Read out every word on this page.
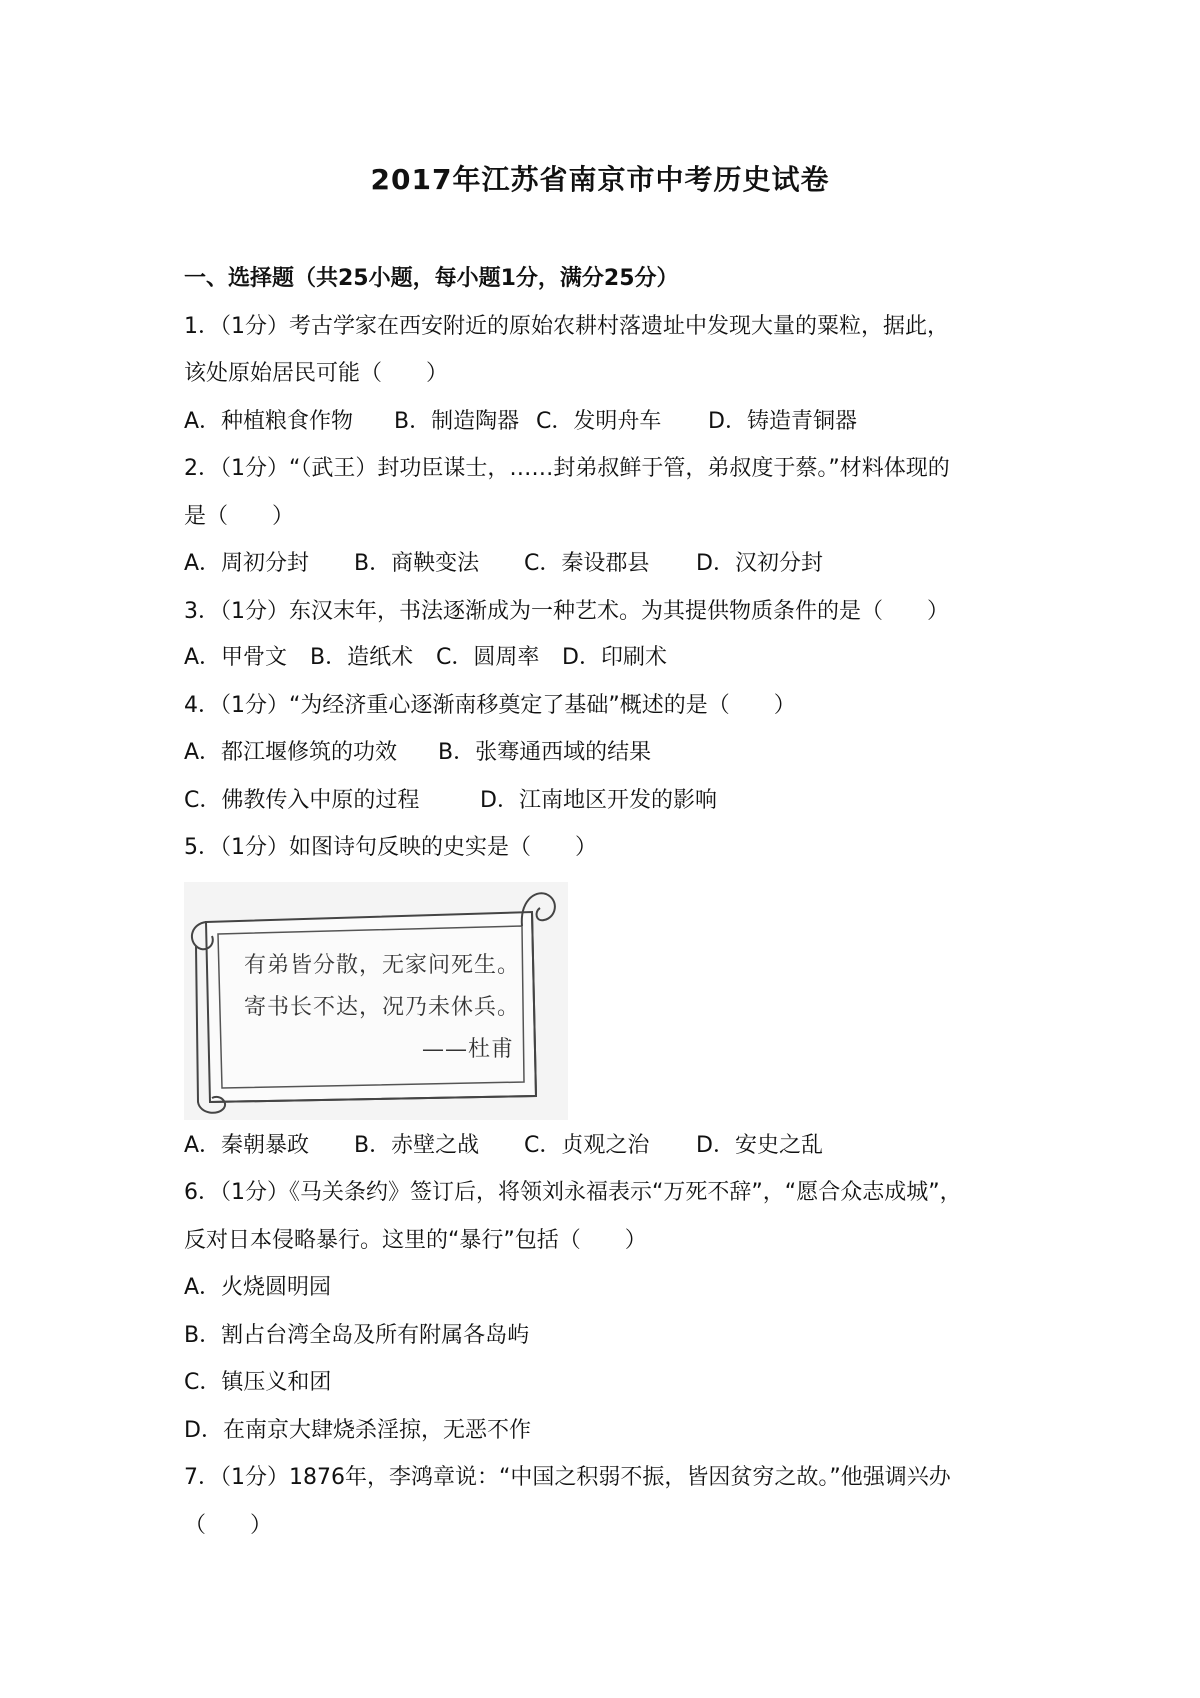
2017年江苏省南京市中考历史试卷
一、选择题（共25小题，每小题1分，满分25分）
1．（1分）考古学家在西安附近的原始农耕村落遗址中发现大量的粟粒，据此，
该处原始居民可能（　　）
A．种植粮食作物 B．制造陶器 C．发明舟车 D．铸造青铜器
2．（1分）“（武王）封功臣谋士，……封弟叔鲜于管，弟叔度于蔡。”材料体现的
是（　　）
A．周初分封 B．商鞅变法 C．秦设郡县 D．汉初分封
3．（1分）东汉末年，书法逐渐成为一种艺术。为其提供物质条件的是（　　）
A．甲骨文 B．造纸术 C．圆周率 D．印刷术
4．（1分）“为经济重心逐渐南移奠定了基础”概述的是（　　）
A．都江堰修筑的功效 B．张骞通西域的结果
C．佛教传入中原的过程	D．江南地区开发的影响
5．（1分）如图诗句反映的史实是（　　）
有弟皆分散，无家问死生。
寄书长不达，况乃未休兵。
——杜甫
A．秦朝暴政 B．赤壁之战 C．贞观之治 D．安史之乱
6．（1分）《马关条约》签订后，将领刘永福表示“万死不辞”，“愿合众志成城”，
反对日本侵略暴行。这里的“暴行”包括（　　）
A．火烧圆明园
B．割占台湾全岛及所有附属各岛屿
C．镇压义和团
D．在南京大肆烧杀淫掠，无恶不作
7．（1分）1876年，李鸿章说：“中国之积弱不振，皆因贫穷之故。”他强调兴办
（　　）
